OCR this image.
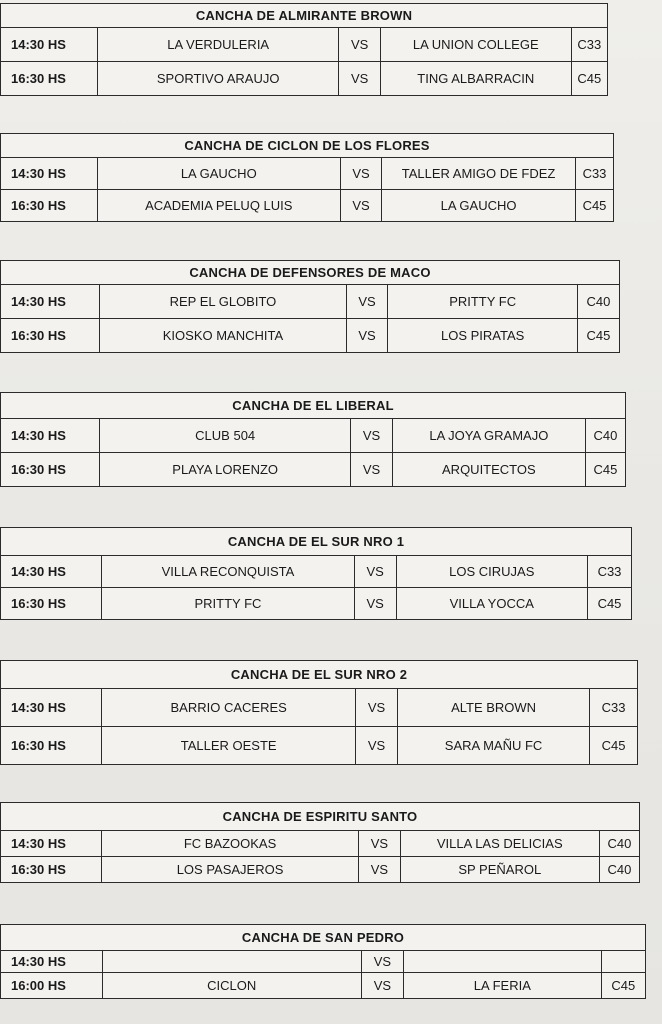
CANCHA DE ALMIRANTE BROWN				
14:30 HS	LA VERDULERIA	VS	LA UNION COLLEGE	C33
16:30 HS	SPORTIVO ARAUJO	VS	TING ALBARRACIN	C45
CANCHA DE CICLON DE LOS FLORES				
14:30 HS	LA GAUCHO	VS	TALLER AMIGO DE FDEZ	C33
16:30 HS	ACADEMIA PELUQ LUIS	VS	LA GAUCHO	C45
CANCHA DE DEFENSORES DE MACO				
14:30 HS	REP EL GLOBITO	VS	PRITTY FC	C40
16:30 HS	KIOSKO MANCHITA	VS	LOS PIRATAS	C45
CANCHA DE EL LIBERAL				
14:30 HS	CLUB 504	VS	LA JOYA GRAMAJO	C40
16:30 HS	PLAYA LORENZO	VS	ARQUITECTOS	C45
CANCHA DE EL SUR NRO 1				
14:30 HS	VILLA RECONQUISTA	VS	LOS CIRUJAS	C33
16:30 HS	PRITTY FC	VS	VILLA YOCCA	C45
CANCHA DE EL SUR NRO 2				
14:30 HS	BARRIO CACERES	VS	ALTE BROWN	C33
16:30 HS	TALLER OESTE	VS	SARA MAÑU FC	C45
CANCHA DE ESPIRITU SANTO				
14:30 HS	FC BAZOOKAS	VS	VILLA LAS DELICIAS	C40
16:30 HS	LOS PASAJEROS	VS	SP PEÑAROL	C40
CANCHA DE SAN PEDRO				
14:30 HS		VS		
16:00 HS	CICLON	VS	LA FERIA	C45
